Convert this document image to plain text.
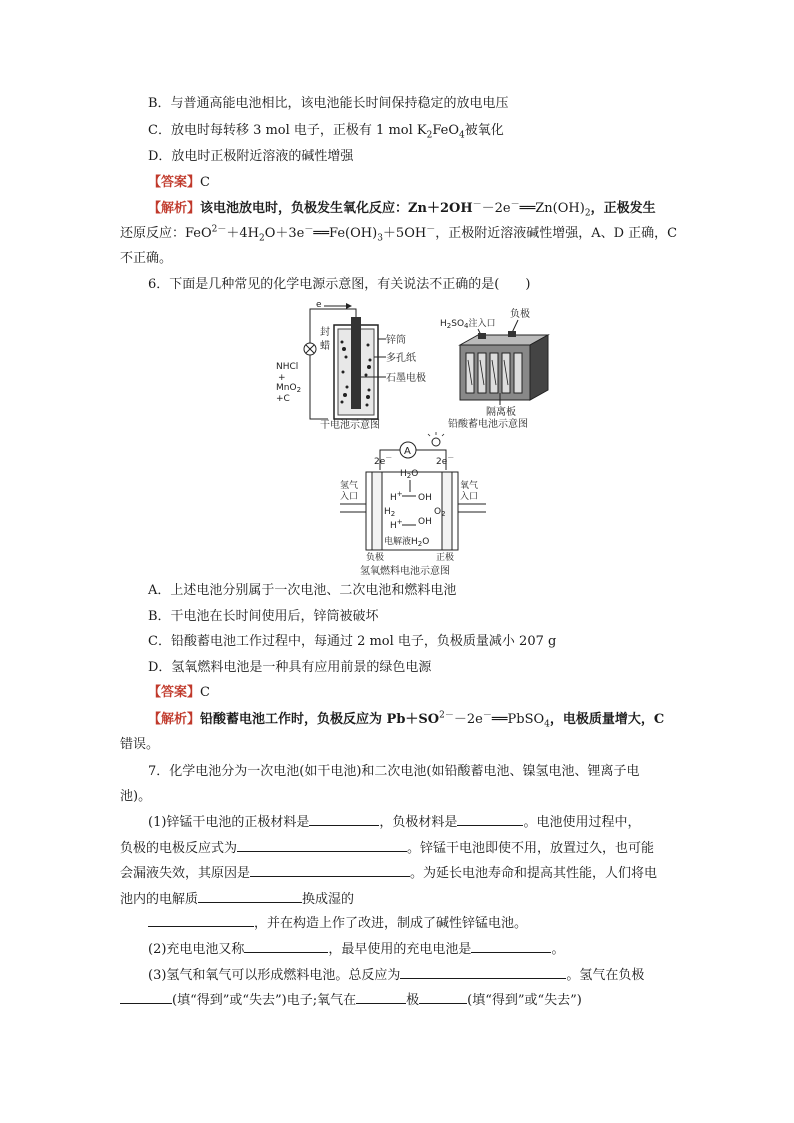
B．与普通高能电池相比，该电池能长时间保持稳定的放电电压
C．放电时每转移 3 mol 电子，正极有 1 mol $K_2FeO_4$被氧化
D．放电时正极附近溶液的碱性增强
【答案】C
【解析】该电池放电时，负极发生氧化反应：$Zn+2OH^--2e^-══Zn(OH)_2$，正极发生
还原反应：$FeO^{2-}+4H_2O+3e^-══Fe(OH)_3+5OH^-$，正极附近溶液碱性增强，A、D 正确，C
不正确。
6．下面是几种常见的化学电源示意图，有关说法不正确的是(　　)
e
封
蜡
锌筒
多孔纸
石墨电极
NHCl
+
MnO$_2$
+C
干电池示意图
$H_2SO_4$注入口
负极
隔离板
铅酸蓄电池示意图
A
2e－	2e－
$H_2O$
H+ OH
$H_2$	$O_2$
H+ OH
电解液$H_2O$
氢气
入口
氧气
入口
负极	正极
氢氧燃料电池示意图
A．上述电池分别属于一次电池、二次电池和燃料电池
B．干电池在长时间使用后，锌筒被破坏
C．铅酸蓄电池工作过程中，每通过 2 mol 电子，负极质量减小 207 g
D．氢氧燃料电池是一种具有应用前景的绿色电源
【答案】C
【解析】铅酸蓄电池工作时，负极反应为 $Pb+SO^{2-}-2e^-══PbSO_4$，电极质量增大，C
错误。
7．化学电池分为一次电池(如干电池)和二次电池(如铅酸蓄电池、镍氢电池、锂离子电
池)。
(1)锌锰干电池的正极材料是	，负极材料是	。电池使用过程中，
负极的电极反应式为	。锌锰干电池即使不用，放置过久，也可能
会漏液失效，其原因是	。为延长电池寿命和提高其性能，人们将电
池内的电解质	换成湿的
，并在构造上作了改进，制成了碱性锌锰电池。
(2)充电电池又称	，最早使用的充电电池是	。
(3)氢气和氧气可以形成燃料电池。总反应为	。氢气在负极
(填“得到”或“失去”)电子;氧气在	极	(填“得到”或“失去”)
